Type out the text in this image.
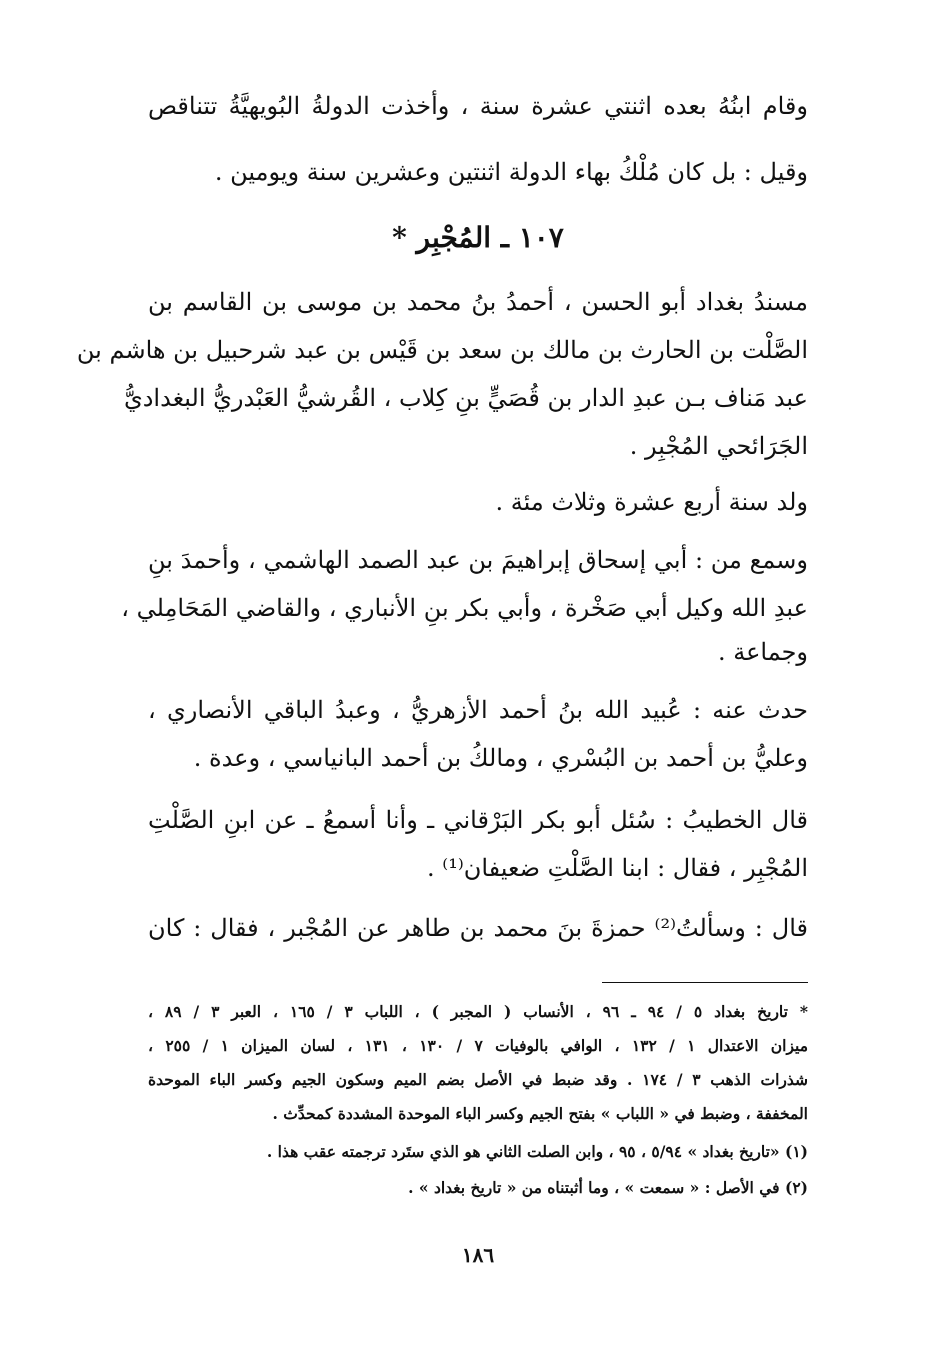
وقام ابنُهُ بعده اثنتي عشرة سنة ، وأخذت الدولةُ البُويهيَّةُ تتناقص
وقيل : بل كان مُلْكُ بهاء الدولة اثنتين وعشرين سنة ويومين .
١٠٧ ـ المُجْبِر *
مسندُ بغداد أبو الحسن ، أحمدُ بنُ محمد بن موسى بن القاسم بن
الصَّلْت بن الحارث بن مالك بن سعد بن قَيْس بن عبد شرحبيل بن هاشم بن
عبد مَناف بـن عبدِ الدار بن قُصَيٍّ بنِ كِلاب ، القُرشيُّ العَبْدريُّ البغداديُّ
الجَرَائحي المُجْبِر .
ولد سنة أربع عشرة وثلاث مئة .
وسمع من : أبي إسحاق إبراهيمَ بن عبد الصمد الهاشمي ، وأحمدَ بنِ
عبدِ الله وكيل أبي صَخْرة ، وأبي بكر بنِ الأنباري ، والقاضي المَحَامِلي ،
وجماعة .
حدث عنه : عُبيد الله بنُ أحمد الأزهريُّ ، وعبدُ الباقي الأنصاري ،
وعليُّ بن أحمد بن البُسْري ، ومالكُ بن أحمد البانياسي ، وعدة .
قال الخطيبُ : سُئل أبو بكر البَرْقاني ـ وأنا أسمعُ ـ عن ابنِ الصَّلْتِ
المُجْبِر ، فقال : ابنا الصَّلْتِ ضعيفان⁽¹⁾ .
قال : وسألتُ⁽²⁾ حمزةَ بنَ محمد بن طاهر عن المُجْبر ، فقال : كان
* تاريخ بغداد ٥ / ٩٤ ـ ٩٦ ، الأنساب ( المجبر ) ، اللباب ٣ / ١٦٥ ، العبر ٣ / ٨٩ ،
ميزان الاعتدال ١ / ١٣٢ ، الوافي بالوفيات ٧ / ١٣٠ ، ١٣١ ، لسان الميزان ١ / ٢٥٥ ،
شذرات الذهب ٣ / ١٧٤ . وقد ضبط في الأصل بضم الميم وسكون الجيم وكسر الباء الموحدة
المخففة ، وضبط في « اللباب » بفتح الجيم وكسر الباء الموحدة المشددة كمحدِّث .
(١) «تاريخ بغداد » ٥/٩٤ ، ٩٥ ، وابن الصلت الثاني هو الذي ستَرد ترجمته عقب هذا .
(٢) في الأصل : « سمعت » ، وما أثبتناه من « تاريخ بغداد » .
١٨٦
